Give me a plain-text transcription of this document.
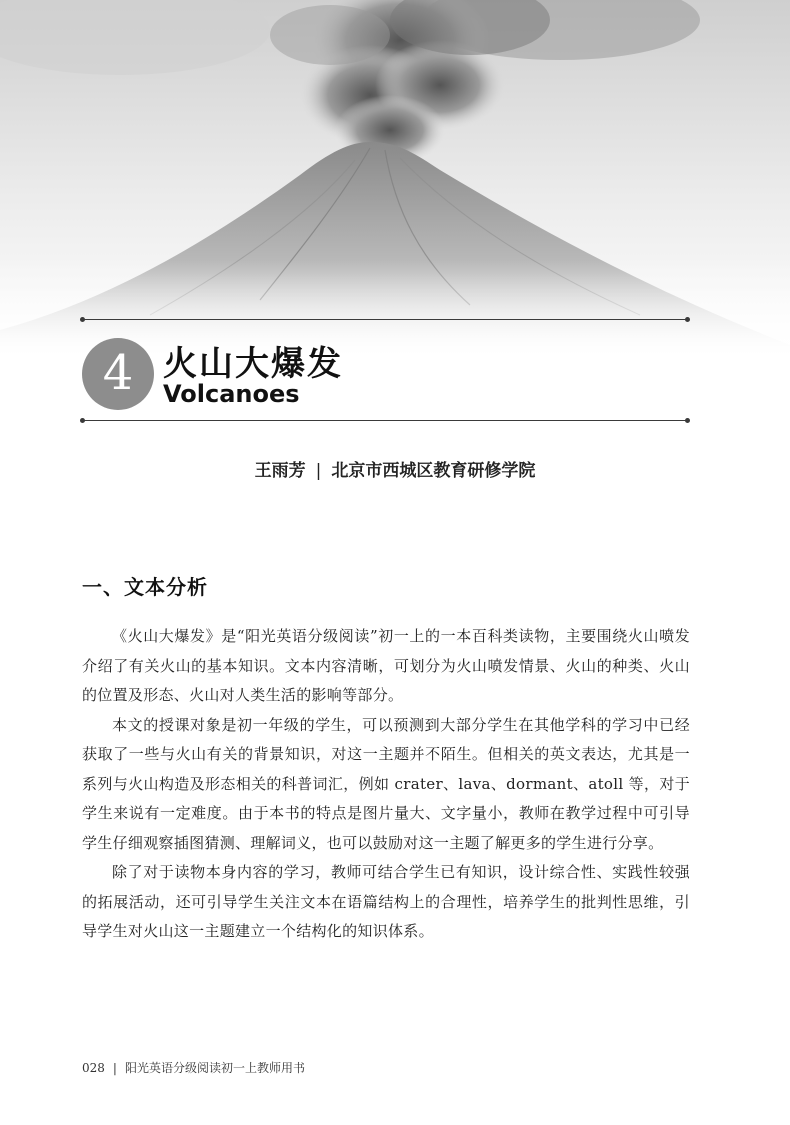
4 火山大爆发
Volcanoes
王雨芳 | 北京市西城区教育研修学院
一、文本分析

《火山大爆发》是“阳光英语分级阅读”初一上的一本百科类读物，主要围绕火山喷发介绍了有关火山的基本知识。文本内容清晰，可划分为火山喷发情景、火山的种类、火山的位置及形态、火山对人类生活的影响等部分。

本文的授课对象是初一年级的学生，可以预测到大部分学生在其他学科的学习中已经获取了一些与火山有关的背景知识，对这一主题并不陌生。但相关的英文表达，尤其是一系列与火山构造及形态相关的科普词汇，例如 crater、lava、dormant、atoll 等，对于学生来说有一定难度。由于本书的特点是图片量大、文字量小，教师在教学过程中可引导学生仔细观察插图猜测、理解词义，也可以鼓励对这一主题了解更多的学生进行分享。

除了对于读物本身内容的学习，教师可结合学生已有知识，设计综合性、实践性较强的拓展活动，还可引导学生关注文本在语篇结构上的合理性，培养学生的批判性思维，引导学生对火山这一主题建立一个结构化的知识体系。

028 | 阳光英语分级阅读初一上教师用书
